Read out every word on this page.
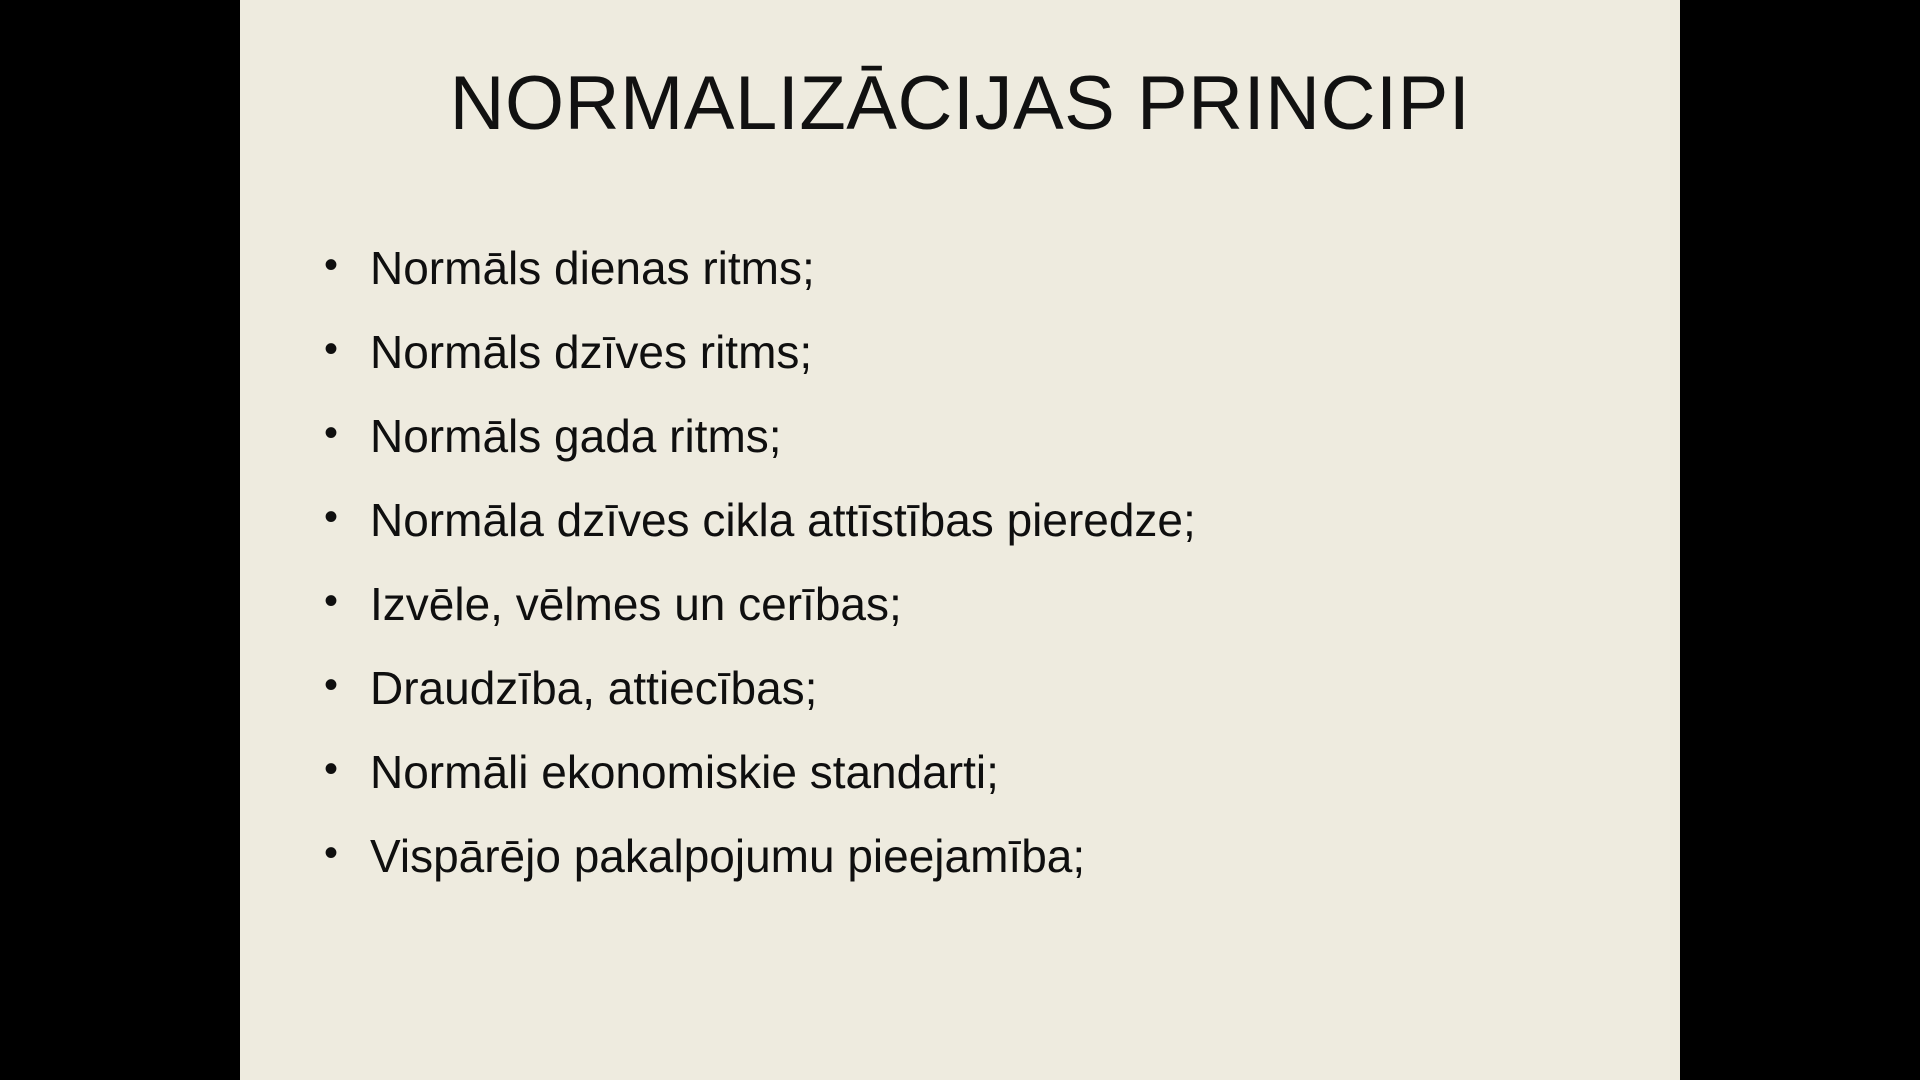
NORMALIZĀCIJAS PRINCIPI
• Normāls dienas ritms;
• Normāls dzīves ritms;
• Normāls gada ritms;
• Normāla dzīves cikla attīstības pieredze;
• Izvēle, vēlmes un cerības;
• Draudzība, attiecības;
• Normāli ekonomiskie standarti;
• Vispārējo pakalpojumu pieejamība;
